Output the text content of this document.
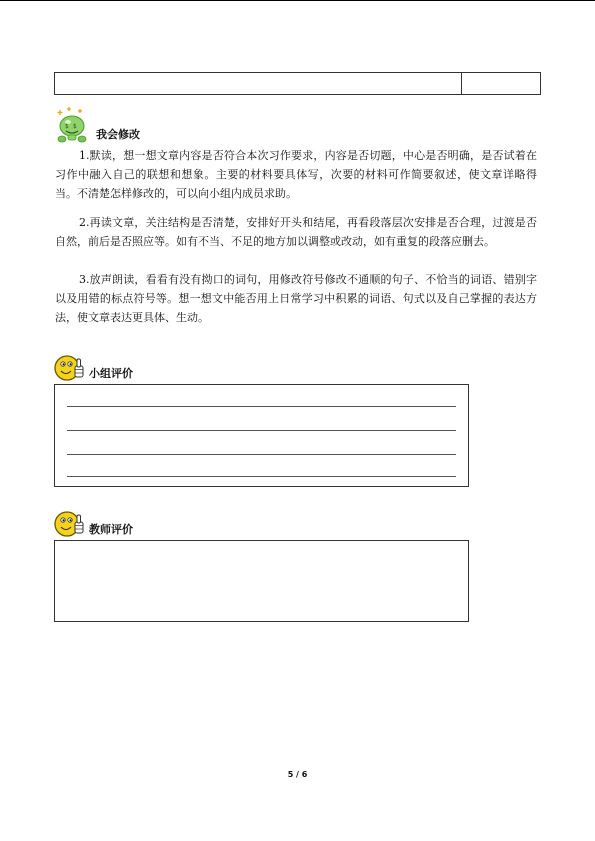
$ $
我会修改

1.默读，想一想文章内容是否符合本次习作要求，内容是否切题，中心是否明确，是否试着在习作中融入自己的联想和想象。主要的材料要具体写，次要的材料可作简要叙述，使文章详略得当。不清楚怎样修改的，可以向小组内成员求助。

2.再读文章，关注结构是否清楚，安排好开头和结尾，再看段落层次安排是否合理，过渡是否自然，前后是否照应等。如有不当、不足的地方加以调整或改动，如有重复的段落应删去。

3.放声朗读，看看有没有拗口的词句，用修改符号修改不通顺的句子、不恰当的词语、错别字以及用错的标点符号等。想一想文中能否用上日常学习中积累的词语、句式以及自己掌握的表达方法，使文章表达更具体、生动。

小组评价
教师评价
5 / 6
